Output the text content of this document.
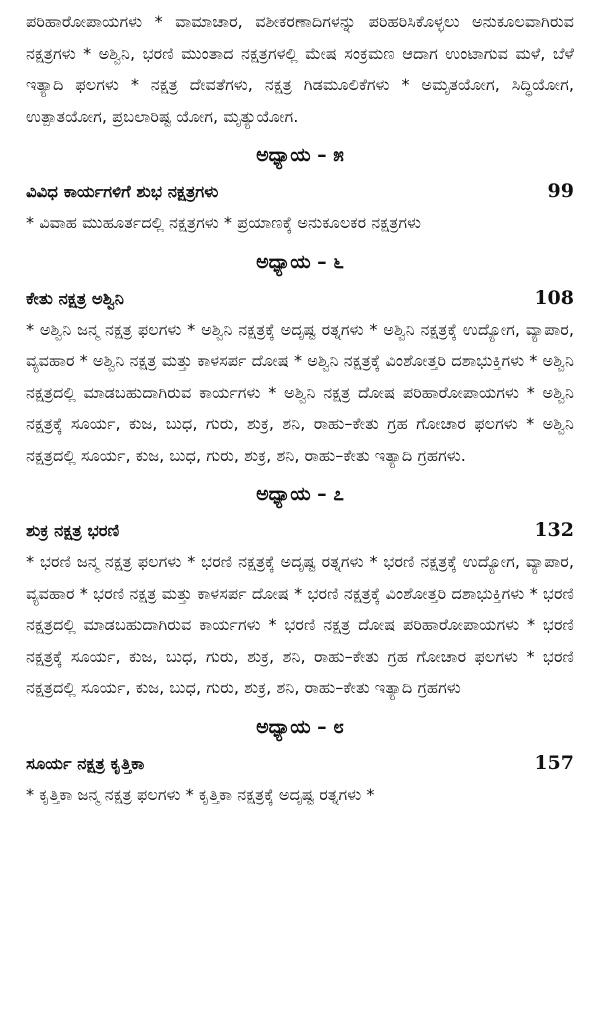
ಪರಿಹಾರೋಪಾಯಗಳು * ವಾಮಾಚಾರ, ವಶೀಕರಣಾದಿಗಳನ್ನು ಪರಿಹರಿಸಿಕೊಳ್ಳಲು ಅನುಕೂಲವಾಗಿರುವ ನಕ್ಷತ್ರಗಳು * ಅಶ್ವಿನಿ, ಭರಣಿ ಮುಂತಾದ ನಕ್ಷತ್ರಗಳಲ್ಲಿ ಮೇಷ ಸಂಕ್ರಮಣ ಆದಾಗ ಉಂಟಾಗುವ ಮಳೆ, ಬೆಳೆ ಇತ್ಯಾದಿ ಫಲಗಳು * ನಕ್ಷತ್ರ ದೇವತೆಗಳು, ನಕ್ಷತ್ರ ಗಿಡಮೂಲಿಕೆಗಳು * ಅಮೃತಯೋಗ, ಸಿದ್ಧಿಯೋಗ, ಉತ್ಪಾತಯೋಗ, ಪ್ರಬಲಾರಿಷ್ಟ ಯೋಗ, ಮೃತ್ಯುಯೋಗ.

ಅಧ್ಯಾಯ – ೫
ವಿವಿಧ ಕಾರ್ಯಗಳಿಗೆ ಶುಭ ನಕ್ಷತ್ರಗಳು	99

* ವಿವಾಹ ಮುಹೂರ್ತದಲ್ಲಿ ನಕ್ಷತ್ರಗಳು * ಪ್ರಯಾಣಕ್ಕೆ ಅನುಕೂಲಕರ ನಕ್ಷತ್ರಗಳು

ಅಧ್ಯಾಯ – ೬
ಕೇತು ನಕ್ಷತ್ರ ಅಶ್ವಿನಿ	108

* ಅಶ್ವಿನಿ ಜನ್ಮ ನಕ್ಷತ್ರ ಫಲಗಳು * ಅಶ್ವಿನಿ ನಕ್ಷತ್ರಕ್ಕೆ ಅದೃಷ್ಟ ರತ್ನಗಳು * ಅಶ್ವಿನಿ ನಕ್ಷತ್ರಕ್ಕೆ ಉದ್ಯೋಗ, ವ್ಯಾಪಾರ, ವ್ಯವಹಾರ * ಅಶ್ವಿನಿ ನಕ್ಷತ್ರ ಮತ್ತು ಕಾಳಸರ್ಪ ದೋಷ * ಅಶ್ವಿನಿ ನಕ್ಷತ್ರಕ್ಕೆ ವಿಂಶೋತ್ತರಿ ದಶಾಭುಕ್ತಿಗಳು * ಅಶ್ವಿನಿ ನಕ್ಷತ್ರದಲ್ಲಿ ಮಾಡಬಹುದಾಗಿರುವ ಕಾರ್ಯಗಳು * ಅಶ್ವಿನಿ ನಕ್ಷತ್ರ ದೋಷ ಪರಿಹಾರೋಪಾಯಗಳು * ಅಶ್ವಿನಿ ನಕ್ಷತ್ರಕ್ಕೆ ಸೂರ್ಯ, ಕುಜ, ಬುಧ, ಗುರು, ಶುಕ್ರ, ಶನಿ, ರಾಹು–ಕೇತು ಗ್ರಹ ಗೋಚಾರ ಫಲಗಳು * ಅಶ್ವಿನಿ ನಕ್ಷತ್ರದಲ್ಲಿ ಸೂರ್ಯ, ಕುಜ, ಬುಧ, ಗುರು, ಶುಕ್ರ, ಶನಿ, ರಾಹು–ಕೇತು ಇತ್ಯಾದಿ ಗ್ರಹಗಳು.

ಅಧ್ಯಾಯ – ೭
ಶುಕ್ರ ನಕ್ಷತ್ರ ಭರಣಿ	132

* ಭರಣಿ ಜನ್ಮ ನಕ್ಷತ್ರ ಫಲಗಳು * ಭರಣಿ ನಕ್ಷತ್ರಕ್ಕೆ ಅದೃಷ್ಟ ರತ್ನಗಳು * ಭರಣಿ ನಕ್ಷತ್ರಕ್ಕೆ ಉದ್ಯೋಗ, ವ್ಯಾಪಾರ, ವ್ಯವಹಾರ * ಭರಣಿ ನಕ್ಷತ್ರ ಮತ್ತು ಕಾಳಸರ್ಪ ದೋಷ * ಭರಣಿ ನಕ್ಷತ್ರಕ್ಕೆ ವಿಂಶೋತ್ತರಿ ದಶಾಭುಕ್ತಿಗಳು * ಭರಣಿ ನಕ್ಷತ್ರದಲ್ಲಿ ಮಾಡಬಹುದಾಗಿರುವ ಕಾರ್ಯಗಳು * ಭರಣಿ ನಕ್ಷತ್ರ ದೋಷ ಪರಿಹಾರೋಪಾಯಗಳು * ಭರಣಿ ನಕ್ಷತ್ರಕ್ಕೆ ಸೂರ್ಯ, ಕುಜ, ಬುಧ, ಗುರು, ಶುಕ್ರ, ಶನಿ, ರಾಹು–ಕೇತು ಗ್ರಹ ಗೋಚಾರ ಫಲಗಳು * ಭರಣಿ ನಕ್ಷತ್ರದಲ್ಲಿ ಸೂರ್ಯ, ಕುಜ, ಬುಧ, ಗುರು, ಶುಕ್ರ, ಶನಿ, ರಾಹು–ಕೇತು ಇತ್ಯಾದಿ ಗ್ರಹಗಳು

ಅಧ್ಯಾಯ – ೮
ಸೂರ್ಯ ನಕ್ಷತ್ರ ಕೃತ್ತಿಕಾ	157

* ಕೃತ್ತಿಕಾ ಜನ್ಮ ನಕ್ಷತ್ರ ಫಲಗಳು * ಕೃತ್ತಿಕಾ ನಕ್ಷತ್ರಕ್ಕೆ ಅದೃಷ್ಟ ರತ್ನಗಳು *
